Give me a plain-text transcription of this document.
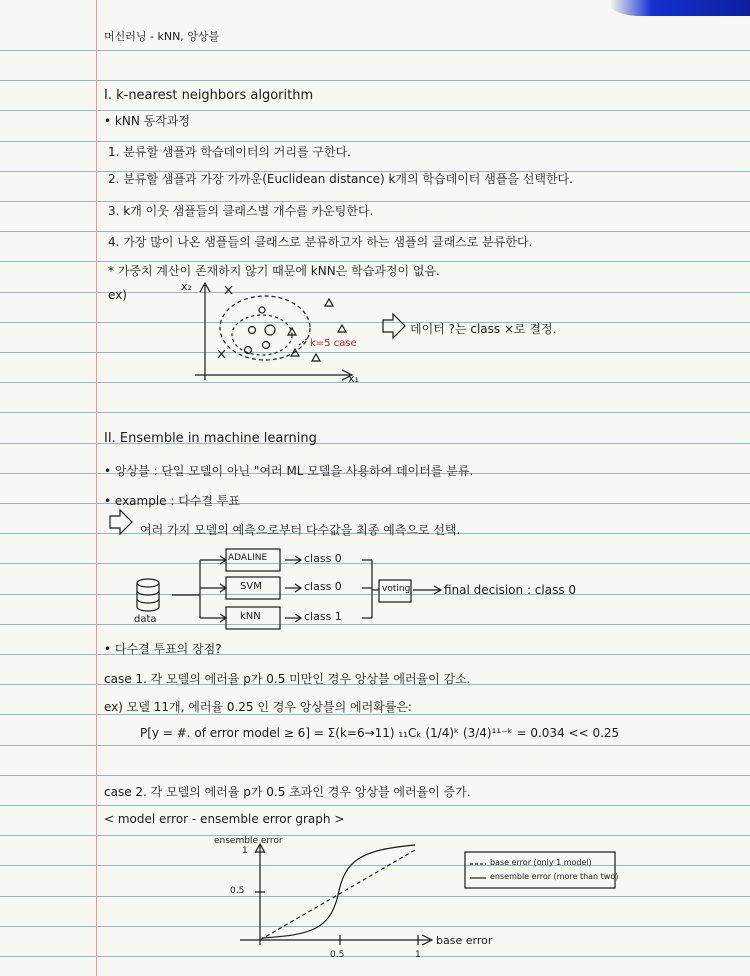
머신러닝 - kNN, 앙상블
I. k-nearest neighbors algorithm
• kNN 동작과정
1. 분류할 샘플과 학습데이터의 거리를 구한다.
2. 분류할 샘플과 가장 가까운(Euclidean distance) k개의 학습데이터 샘플을 선택한다.
3. k개 이웃 샘플들의 클래스별 개수를 카운팅한다.
4. 가장 많이 나온 샘플들의 클래스로 분류하고자 하는 샘플의 클래스로 분류한다.
* 가중치 계산이 존재하지 않기 때문에 kNN은 학습과정이 없음.
ex)
x₂
x₁
k=5 case
데이터 ?는 class ×로 결정.
II. Ensemble in machine learning
• 앙상블 : 단일 모델이 아닌 "여러 ML 모델을 사용하여 데이터를 분류.
• example : 다수결 투표
여러 가지 모델의 예측으로부터 다수값을 최종 예측으로 선택.
data
ADALINE
SVM
kNN
class 0
class 0
class 1
voting	final decision : class 0
• 다수결 투표의 장점?
case 1. 각 모델의 에러율 p가 0.5 미만인 경우 앙상블 에러율이 감소.
ex) 모델 11개, 에러율 0.25 인 경우 앙상블의 에러확률은:
P[y = #. of error model ≥ 6] = Σ(k=6→11) ₁₁Cₖ (1/4)ᵏ (3/4)¹¹⁻ᵏ = 0.034 << 0.25
case 2. 각 모델의 에러율 p가 0.5 초과인 경우 앙상블 에러율이 증가.
< model error - ensemble error graph >
ensemble error
1
0.5
0.5	1
base error
base error (only 1 model)
ensemble error (more than two)
